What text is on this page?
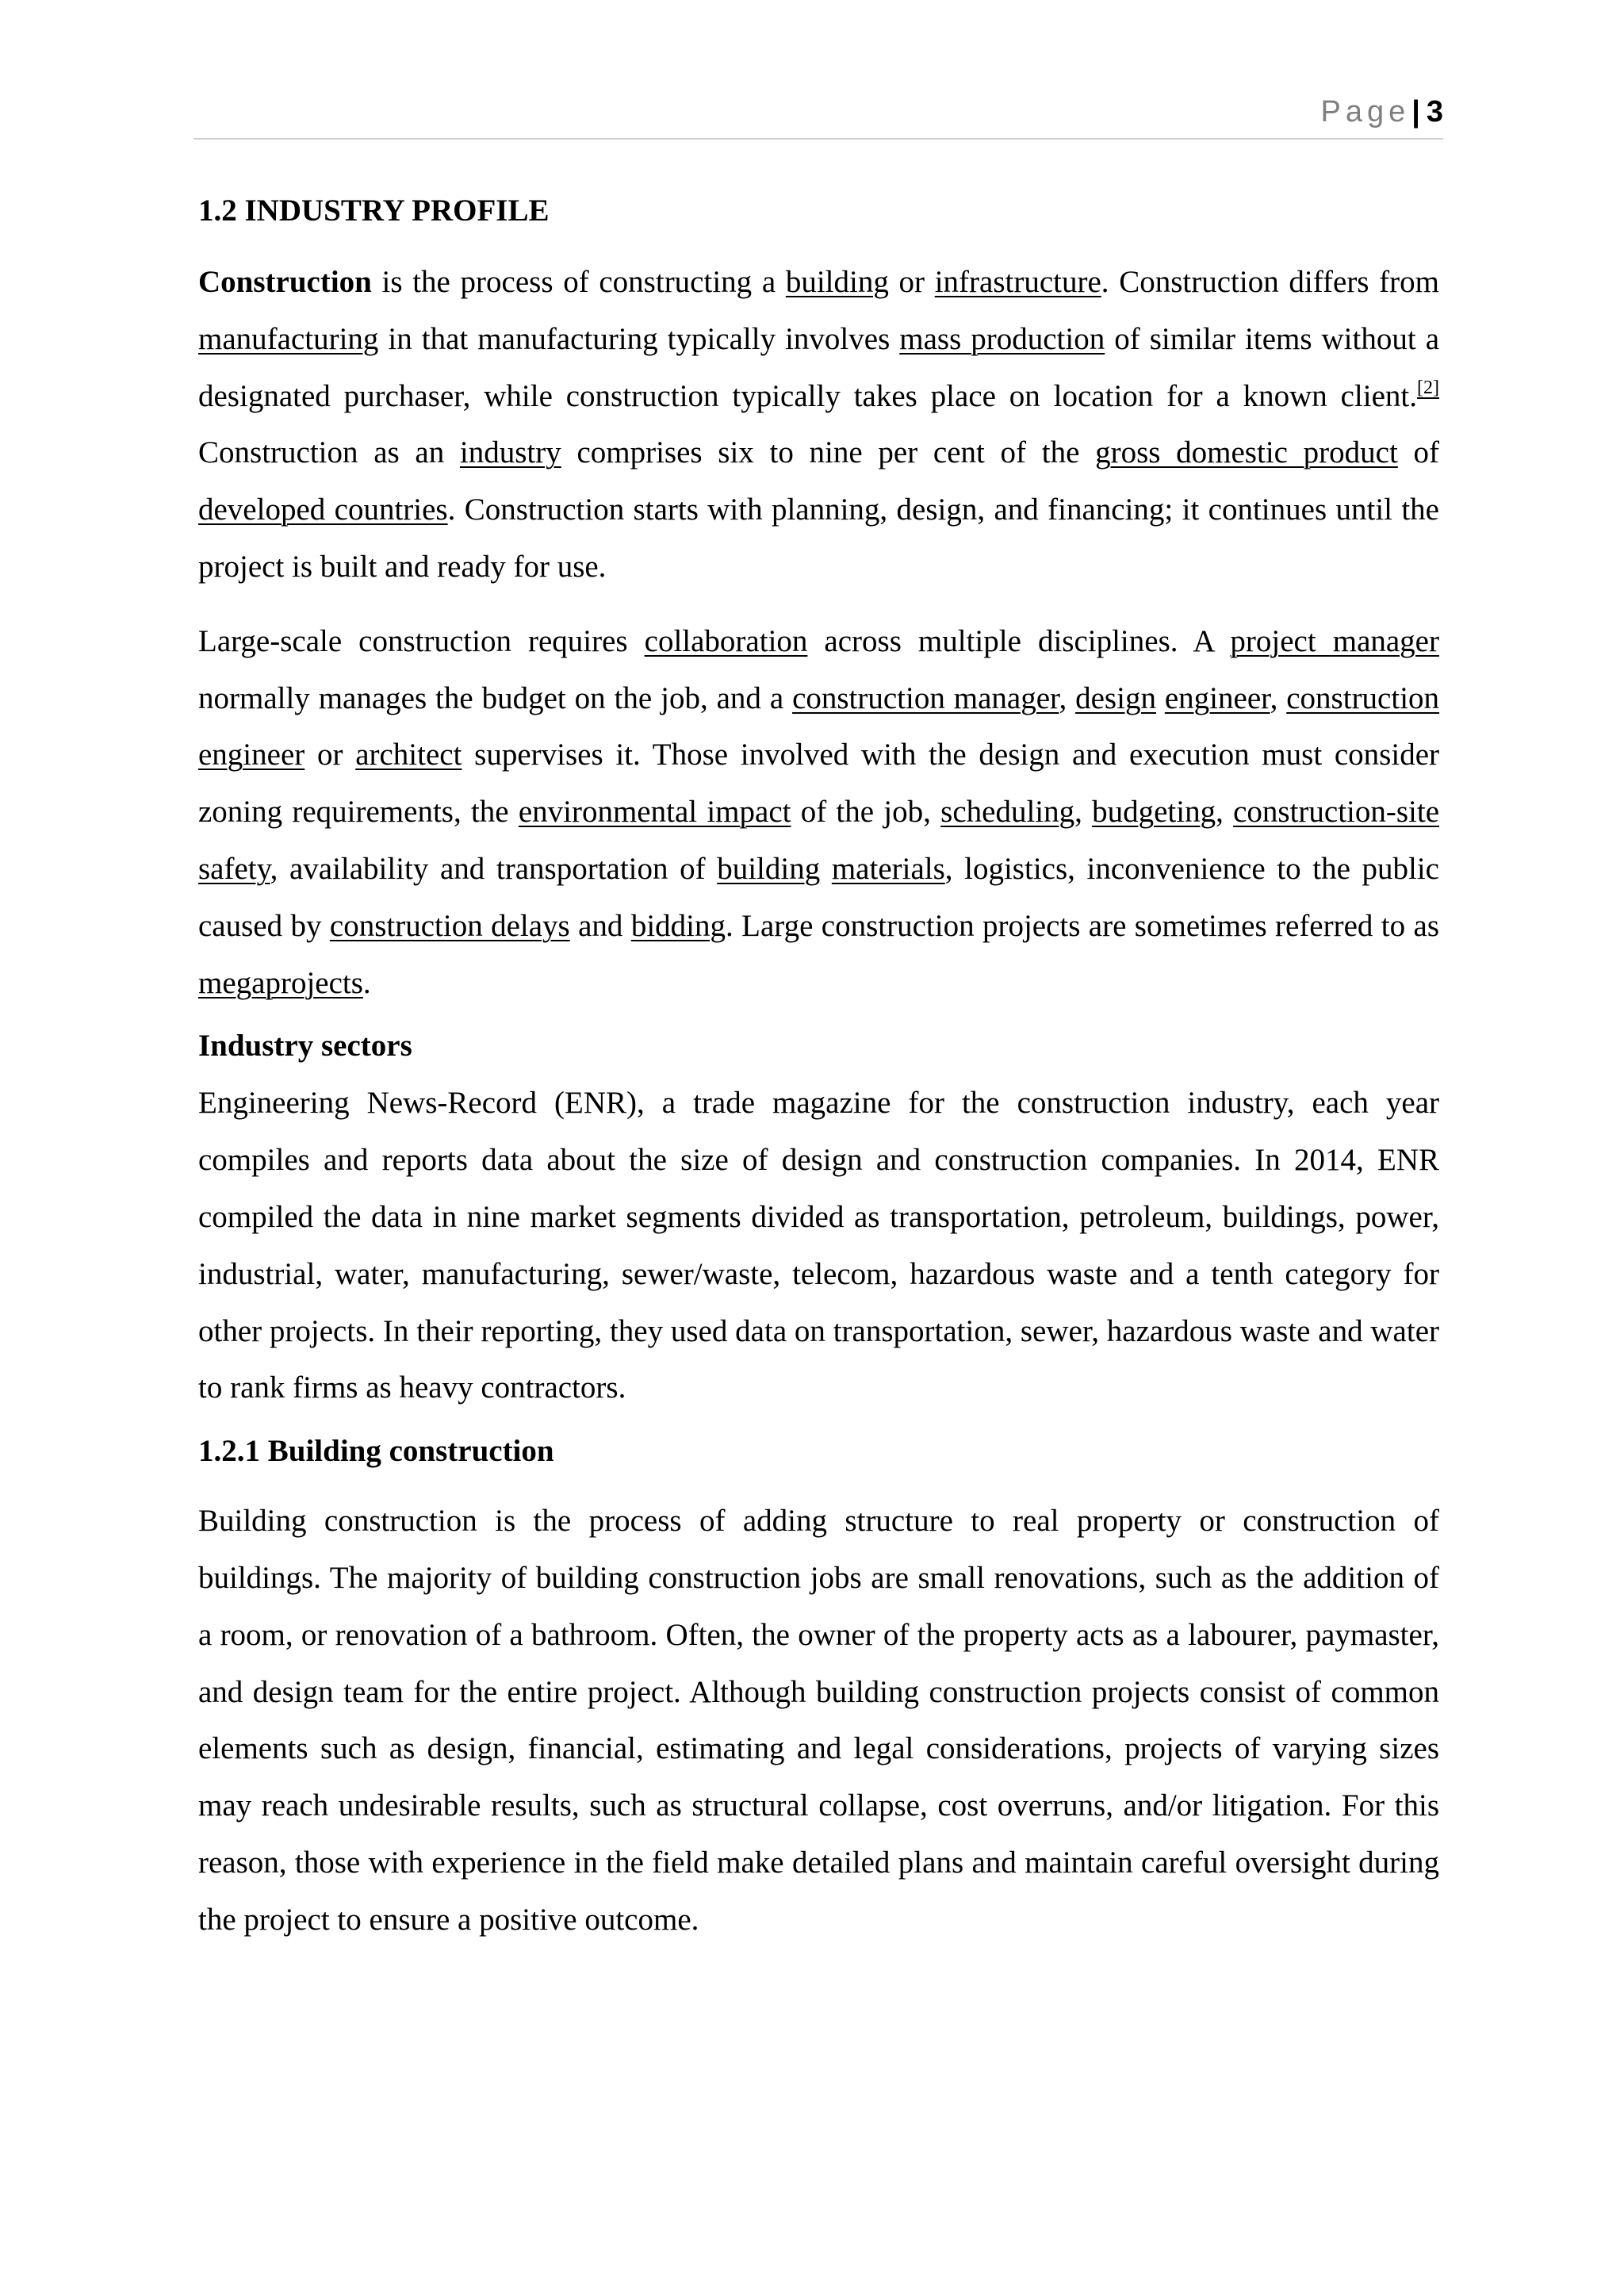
Page| 3
1.2 INDUSTRY PROFILE

Construction is the process of constructing a building or infrastructure. Construction differs from manufacturing in that manufacturing typically involves mass production of similar items without a designated purchaser, while construction typically takes place on location for a known client.[2] Construction as an industry comprises six to nine per cent of the gross domestic product of developed countries. Construction starts with planning, design, and financing; it continues until the project is built and ready for use.

Large-scale construction requires collaboration across multiple disciplines. A project manager normally manages the budget on the job, and a construction manager, design engineer, construction engineer or architect supervises it. Those involved with the design and execution must consider zoning requirements, the environmental impact of the job, scheduling, budgeting, construction-site safety, availability and transportation of building materials, logistics, inconvenience to the public caused by construction delays and bidding. Large construction projects are sometimes referred to as megaprojects.

Industry sectors

Engineering News-Record (ENR), a trade magazine for the construction industry, each year compiles and reports data about the size of design and construction companies. In 2014, ENR compiled the data in nine market segments divided as transportation, petroleum, buildings, power, industrial, water, manufacturing, sewer/waste, telecom, hazardous waste and a tenth category for other projects. In their reporting, they used data on transportation, sewer, hazardous waste and water to rank firms as heavy contractors.

1.2.1 Building construction

Building construction is the process of adding structure to real property or construction of buildings. The majority of building construction jobs are small renovations, such as the addition of a room, or renovation of a bathroom. Often, the owner of the property acts as a labourer, paymaster, and design team for the entire project. Although building construction projects consist of common elements such as design, financial, estimating and legal considerations, projects of varying sizes may reach undesirable results, such as structural collapse, cost overruns, and/or litigation. For this reason, those with experience in the field make detailed plans and maintain careful oversight during the project to ensure a positive outcome.
